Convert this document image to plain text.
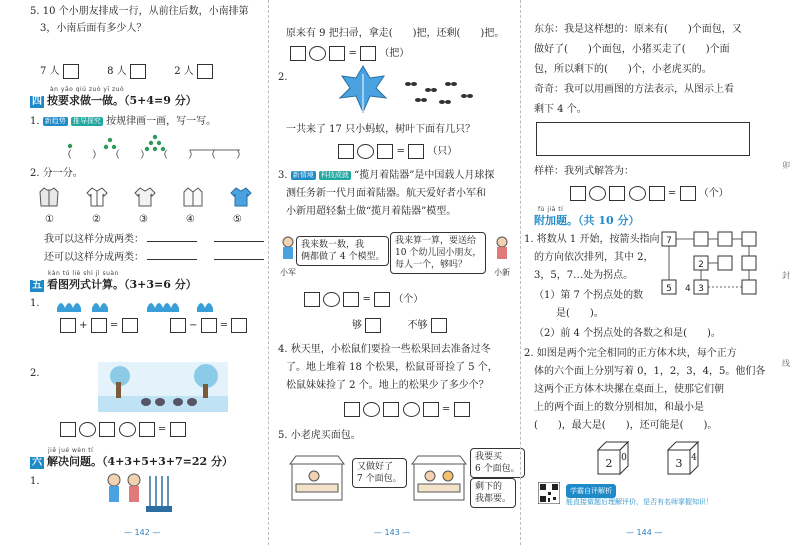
5. 10 个小朋友排成一行，从前往后数，小南排第
3，小南后面有多少人？
7 人	8 人	2 人
àn yāo qiú zuò yī zuò
四 按要求做一做。（5+4=9 分）
1. 新趋势 推导探究 按规律画一画，写一写。
（　　） （　　） （　　） （　　）
2. 分一分。
①	②	③	④	⑤
我可以这样分成两类：
还可以这样分成两类：
kàn tú liè shì jì suàn
五 看图列式计算。（3+3=6 分）
1.
+  =	−  =
2.
=
jiě jué wèn tí
六 解决问题。（4+3+5+3+7=22 分）
1.
— 142 —
原来有 9 把扫帚，拿走(　　)把，还剩(　　)把。
=  （把）
2.
一共来了 17 只小蚂蚁，树叶下面有几只？
=  （只）
3. 新情境 科技成就 “揽月着陆器”是中国载人月球探
测任务新一代月面着陆器。航天爱好者小军和
小新用超轻黏土做“揽月着陆器”模型。
我来数一数，我
俩都做了 4 个模型。
小军
我来算一算，要送给
10 个幼儿园小朋友，
每人一个，够吗？
小新
=  （个）
够	不够
4. 秋天里，小松鼠们要捡一些松果回去准备过冬
了。地上堆着 18 个松果，松鼠哥哥捡了 5 个，
松鼠妹妹捡了 2 个。地上的松果少了多少个？
=
5. 小老虎买面包。
又做好了
7 个面包。
我要买
6 个面包。
剩下的
我都要。
— 143 —
东东：我是这样想的：原来有(　　)个面包，又
做好了(　　)个面包，小猪买走了(　　)个面
包，所以剩下的(　　)个，小老虎买的。
奇奇：我可以用画图的方法表示，从图示上看
剩下 4 个。
样样：我列式解答为：
=  （个）
fù jiā tí
附加题。（共 10 分）
1. 将数从 1 开始，按箭头指向
的方向依次排列，其中 2，
3，5，7…处为拐点。
（1）第 7 个拐点处的数
是(　　)。
7
2
3
5 4
（2）前 4 个拐点处的各数之和是(　　)。
2. 如图是两个完全相同的正方体木块，每个正方
体的六个面上分别写着 0，1，2，3，4，5。他们各
这两个正方体木块摞在桌面上，使那它们朝
上的两个面上的数分别相加，和最小是
(　　)，最大是(　　)，还可能是(　　)。
2 0	3 4
学霸自评解析
能直接做题后理解评价，是否有名师掌握知识！
卯
封
线
— 144 —
